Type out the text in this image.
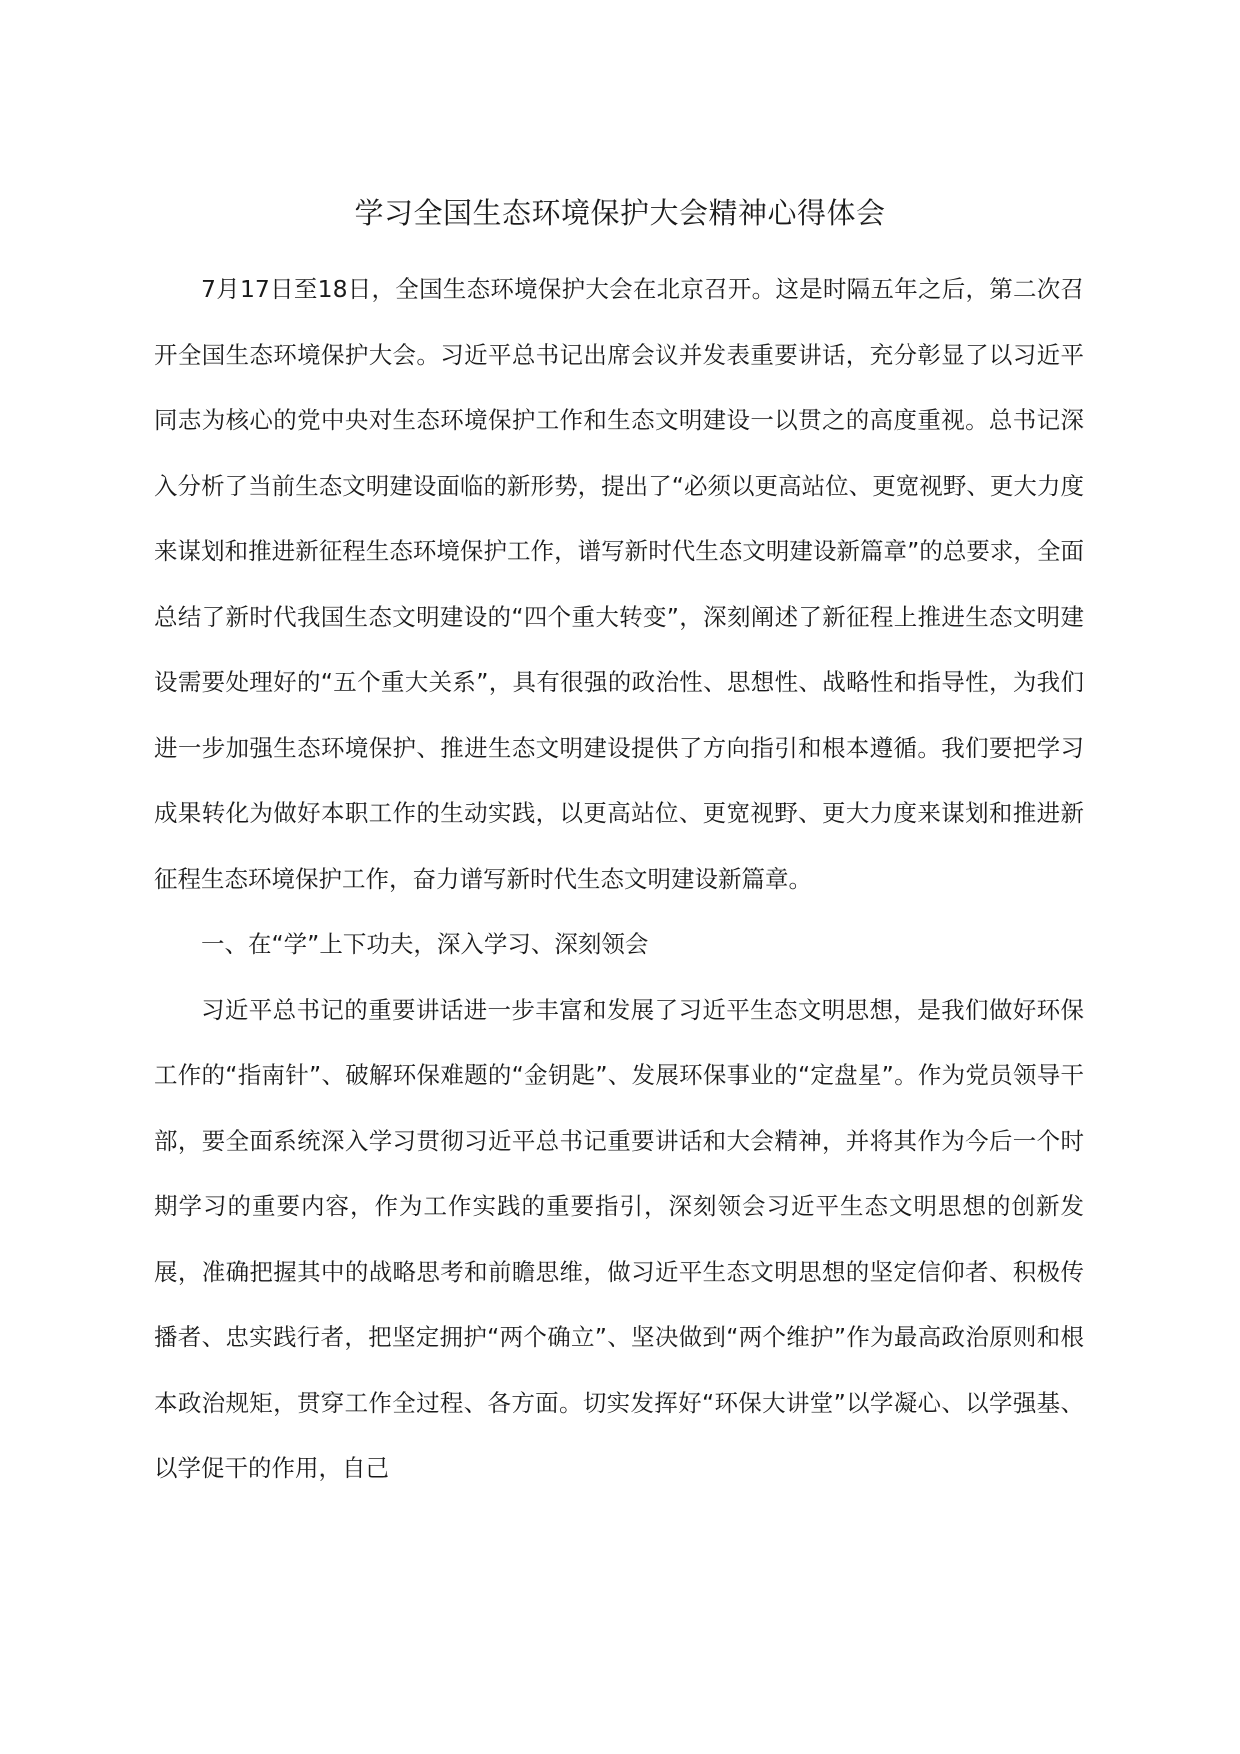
学习全国生态环境保护大会精神心得体会

7月17日至18日，全国生态环境保护大会在北京召开。这是时隔五年之后，第二次召开全国生态环境保护大会。习近平总书记出席会议并发表重要讲话，充分彰显了以习近平同志为核心的党中央对生态环境保护工作和生态文明建设一以贯之的高度重视。总书记深入分析了当前生态文明建设面临的新形势，提出了“必须以更高站位、更宽视野、更大力度来谋划和推进新征程生态环境保护工作，谱写新时代生态文明建设新篇章”的总要求，全面总结了新时代我国生态文明建设的“四个重大转变”，深刻阐述了新征程上推进生态文明建设需要处理好的“五个重大关系”，具有很强的政治性、思想性、战略性和指导性，为我们进一步加强生态环境保护、推进生态文明建设提供了方向指引和根本遵循。我们要把学习成果转化为做好本职工作的生动实践，以更高站位、更宽视野、更大力度来谋划和推进新征程生态环境保护工作，奋力谱写新时代生态文明建设新篇章。

一、在“学”上下功夫，深入学习、深刻领会

习近平总书记的重要讲话进一步丰富和发展了习近平生态文明思想，是我们做好环保工作的“指南针”、破解环保难题的“金钥匙”、发展环保事业的“定盘星”。作为党员领导干部，要全面系统深入学习贯彻习近平总书记重要讲话和大会精神，并将其作为今后一个时期学习的重要内容，作为工作实践的重要指引，深刻领会习近平生态文明思想的创新发展，准确把握其中的战略思考和前瞻思维，做习近平生态文明思想的坚定信仰者、积极传播者、忠实践行者，把坚定拥护“两个确立”、坚决做到“两个维护”作为最高政治原则和根本政治规矩，贯穿工作全过程、各方面。切实发挥好“环保大讲堂”以学凝心、以学强基、以学促干的作用，自己
